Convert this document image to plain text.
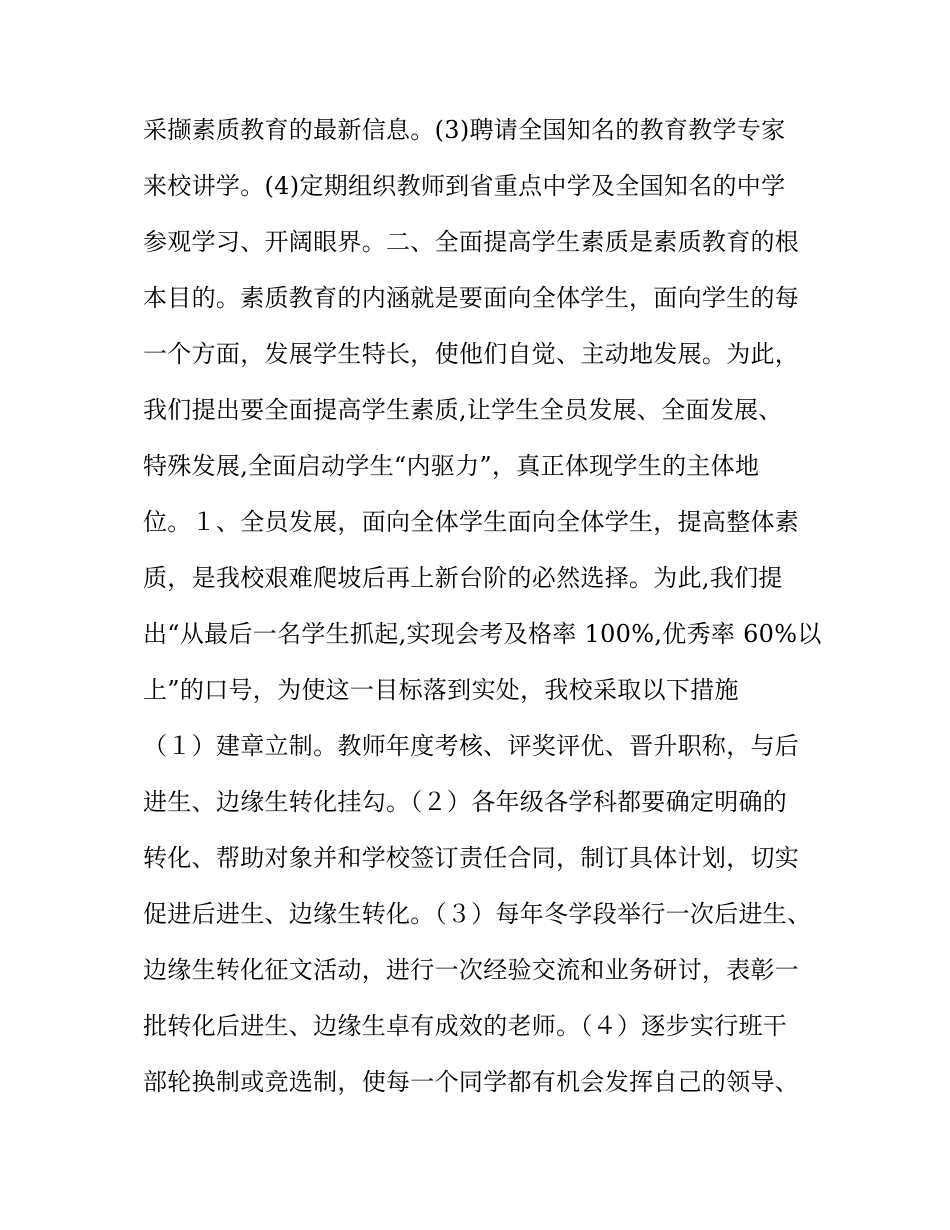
采撷素质教育的最新信息。(3)聘请全国知名的教育教学专家
来校讲学。(4)定期组织教师到省重点中学及全国知名的中学
参观学习、开阔眼界。二、全面提高学生素质是素质教育的根
本目的。素质教育的内涵就是要面向全体学生，面向学生的每
一个方面，发展学生特长，使他们自觉、主动地发展。为此，
我们提出要全面提高学生素质,让学生全员发展、全面发展、
特殊发展,全面启动学生“内驱力”，真正体现学生的主体地
位。１、全员发展，面向全体学生面向全体学生，提高整体素
质，是我校艰难爬坡后再上新台阶的必然选择。为此,我们提
出“从最后一名学生抓起,实现会考及格率 100%,优秀率 60%以
上”的口号，为使这一目标落到实处，我校采取以下措施
（１）建章立制。教师年度考核、评奖评优、晋升职称，与后
进生、边缘生转化挂勾。（２）各年级各学科都要确定明确的
转化、帮助对象并和学校签订责任合同，制订具体计划，切实
促进后进生、边缘生转化。（３）每年冬学段举行一次后进生、
边缘生转化征文活动，进行一次经验交流和业务研讨，表彰一
批转化后进生、边缘生卓有成效的老师。（４）逐步实行班干
部轮换制或竞选制，使每一个同学都有机会发挥自己的领导、
